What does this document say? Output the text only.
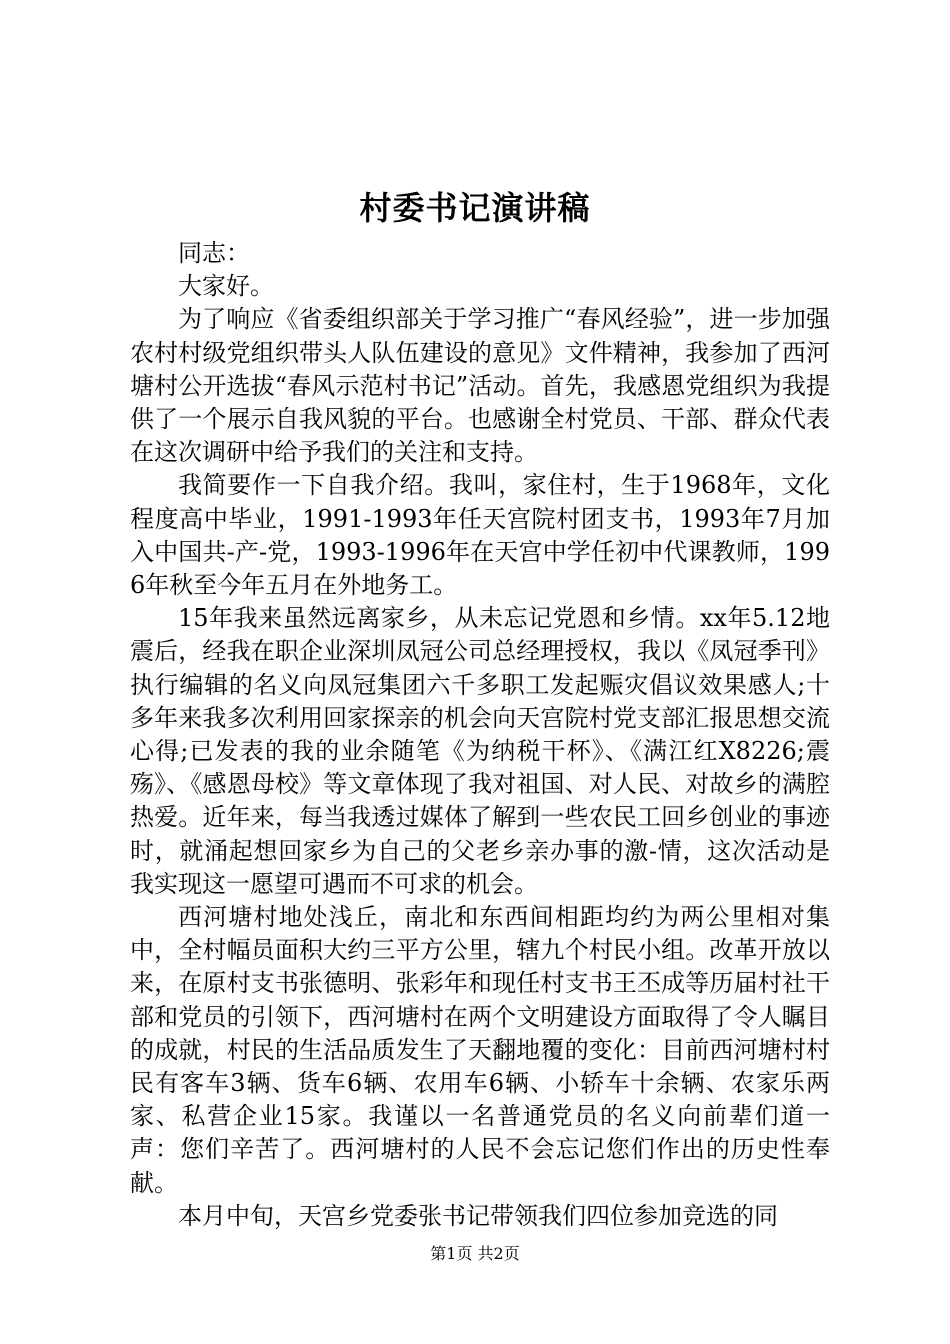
村委书记演讲稿

同志：

大家好。

为了响应《省委组织部关于学习推广“春风经验”，进一步加强农村村级党组织带头人队伍建设的意见》文件精神，我参加了西河塘村公开选拔“春风示范村书记”活动。首先，我感恩党组织为我提供了一个展示自我风貌的平台。也感谢全村党员、干部、群众代表在这次调研中给予我们的关注和支持。

我简要作一下自我介绍。我叫，家住村，生于1968年，文化程度高中毕业，1991-1993年任天宫院村团支书，1993年7月加入中国共-产-党，1993-1996年在天宫中学任初中代课教师，1996年秋至今年五月在外地务工。

15年我来虽然远离家乡，从未忘记党恩和乡情。xx年5.12地震后，经我在职企业深圳凤冠公司总经理授权，我以《凤冠季刊》执行编辑的名义向凤冠集团六千多职工发起赈灾倡议效果感人;十多年来我多次利用回家探亲的机会向天宫院村党支部汇报思想交流心得;已发表的我的业余随笔《为纳税干杯》、《满江红X8226;震殇》、《感恩母校》等文章体现了我对祖国、对人民、对故乡的满腔热爱。近年来，每当我透过媒体了解到一些农民工回乡创业的事迹时，就涌起想回家乡为自己的父老乡亲办事的激-情，这次活动是我实现这一愿望可遇而不可求的机会。

西河塘村地处浅丘，南北和东西间相距均约为两公里相对集中，全村幅员面积大约三平方公里，辖九个村民小组。改革开放以来，在原村支书张德明、张彩年和现任村支书王丕成等历届村社干部和党员的引领下，西河塘村在两个文明建设方面取得了令人瞩目的成就，村民的生活品质发生了天翻地覆的变化：目前西河塘村村民有客车3辆、货车6辆、农用车6辆、小轿车十余辆、农家乐两家、私营企业15家。我谨以一名普通党员的名义向前辈们道一声：您们辛苦了。西河塘村的人民不会忘记您们作出的历史性奉献。

本月中旬，天宫乡党委张书记带领我们四位参加竞选的同

第1页 共2页
